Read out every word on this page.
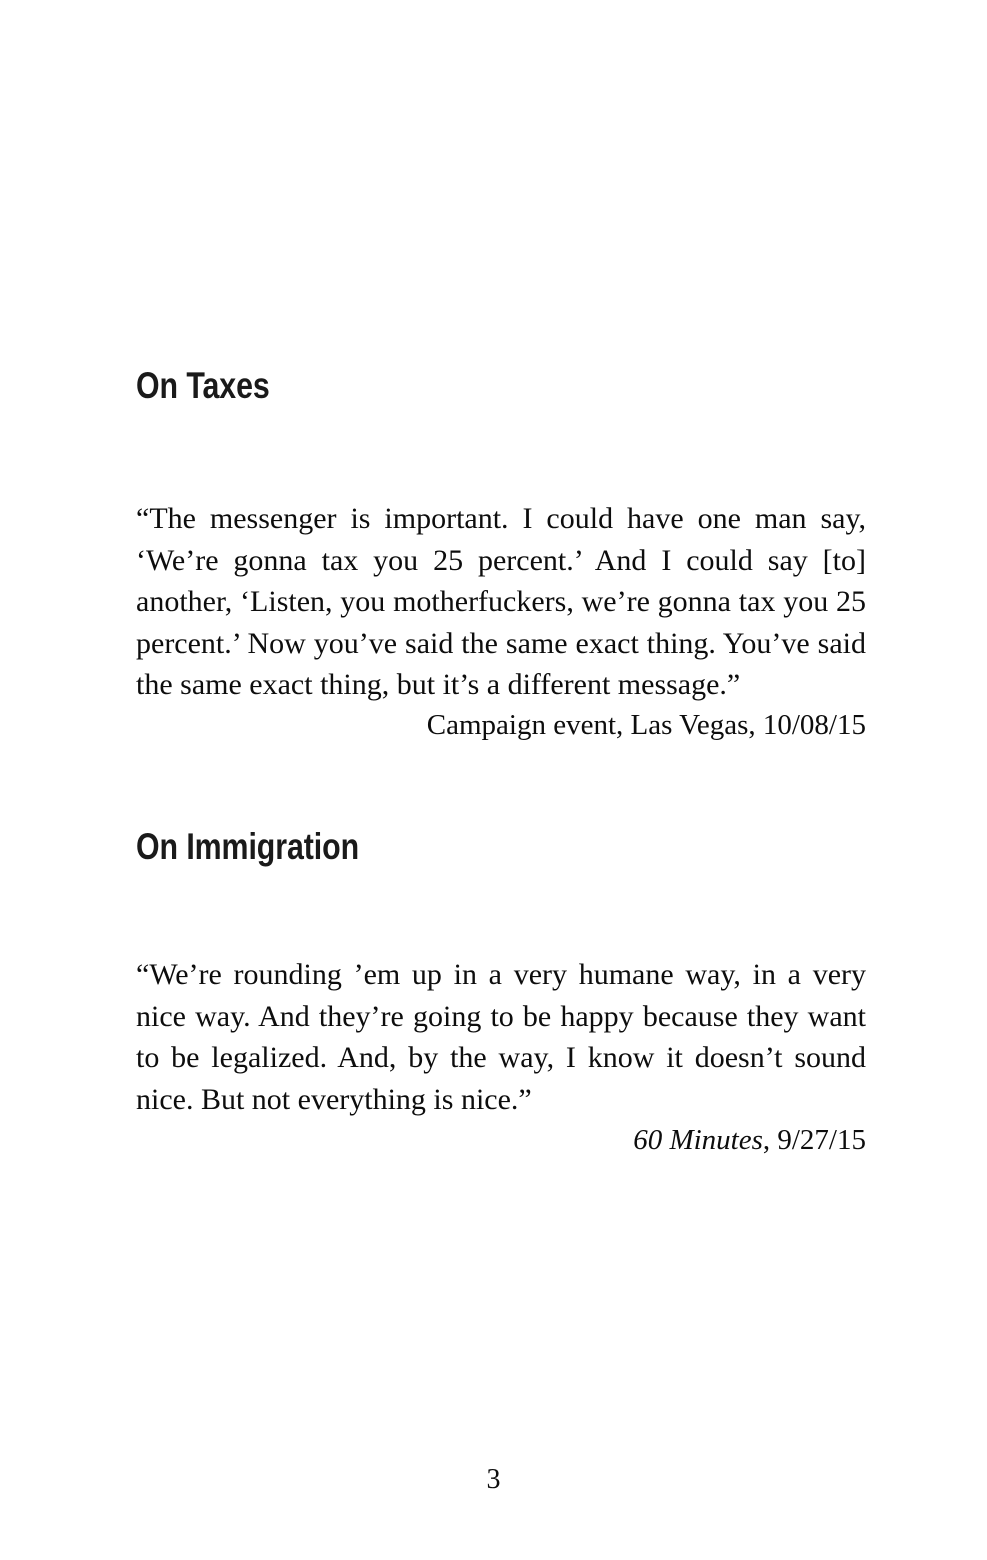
On Taxes

“The messenger is important. I could have one man say, ‘We’re gonna tax you 25 percent.’ And I could say [to] another, ‘Listen, you motherfuckers, we’re gonna tax you 25 percent.’ Now you’ve said the same exact thing. You’ve said the same exact thing, but it’s a different message.”

Campaign event, Las Vegas, 10/08/15

On Immigration

“We’re rounding ’em up in a very humane way, in a very nice way. And they’re going to be happy because they want to be legalized. And, by the way, I know it doesn’t sound nice. But not everything is nice.”

60 Minutes, 9/27/15

3
